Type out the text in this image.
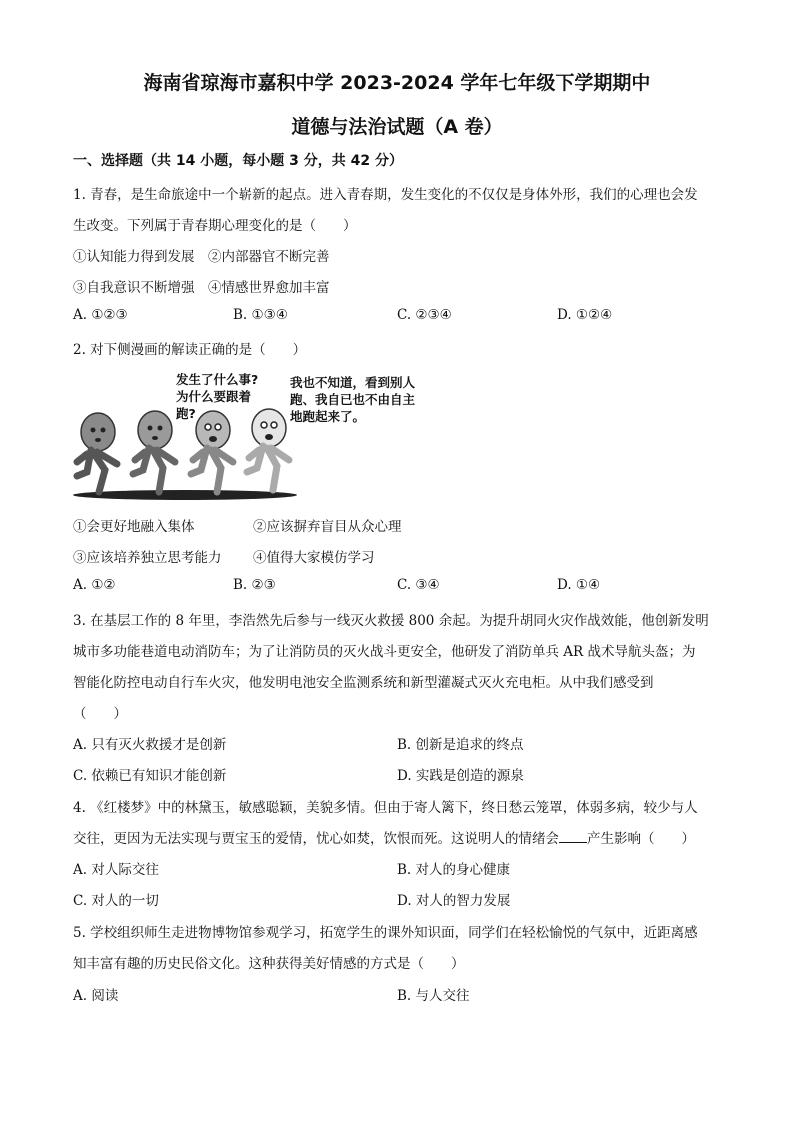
海南省琼海市嘉积中学 2023-2024 学年七年级下学期期中
道德与法治试题（A 卷）
一、选择题（共 14 小题，每小题 3 分，共 42 分）
1. 青春，是生命旅途中一个崭新的起点。进入青春期，发生变化的不仅仅是身体外形，我们的心理也会发
生改变。下列属于青春期心理变化的是（　　）
①认知能力得到发展　②内部器官不断完善
③自我意识不断增强　④情感世界愈加丰富
A. ①②③	B. ①③④	C. ②③④	D. ①②④
2. 对下侧漫画的解读正确的是（　　）
发生了什么事?
为什么要跟着
跑?
我也不知道，看到别人
跑、我自已也不由自主
地跑起来了。
①会更好地融入集体	②应该摒弃盲目从众心理
③应该培养独立思考能力 ④值得大家模仿学习
A. ①②	B. ②③	C. ③④	D. ①④
3. 在基层工作的 8 年里，李浩然先后参与一线灭火救援 800 余起。为提升胡同火灾作战效能，他创新发明
城市多功能巷道电动消防车；为了让消防员的灭火战斗更安全，他研发了消防单兵 AR 战术导航头盔；为
智能化防控电动自行车火灾，他发明电池安全监测系统和新型灌凝式灭火充电柜。从中我们感受到
（　　）
A. 只有灭火救援才是创新	B. 创新是追求的终点
C. 依赖已有知识才能创新	D. 实践是创造的源泉
4. 《红楼梦》中的林黛玉，敏感聪颖，美貌多情。但由于寄人篱下，终日愁云笼罩，体弱多病，较少与人
交往，更因为无法实现与贾宝玉的爱情，忧心如焚，饮恨而死。这说明人的情绪会 产生影响（　　）
A. 对人际交往	B. 对人的身心健康
C. 对人的一切	D. 对人的智力发展
5. 学校组织师生走进物博物馆参观学习，拓宽学生的课外知识面，同学们在轻松愉悦的气氛中，近距离感
知丰富有趣的历史民俗文化。这种获得美好情感的方式是（　　）
A. 阅读	B. 与人交往
